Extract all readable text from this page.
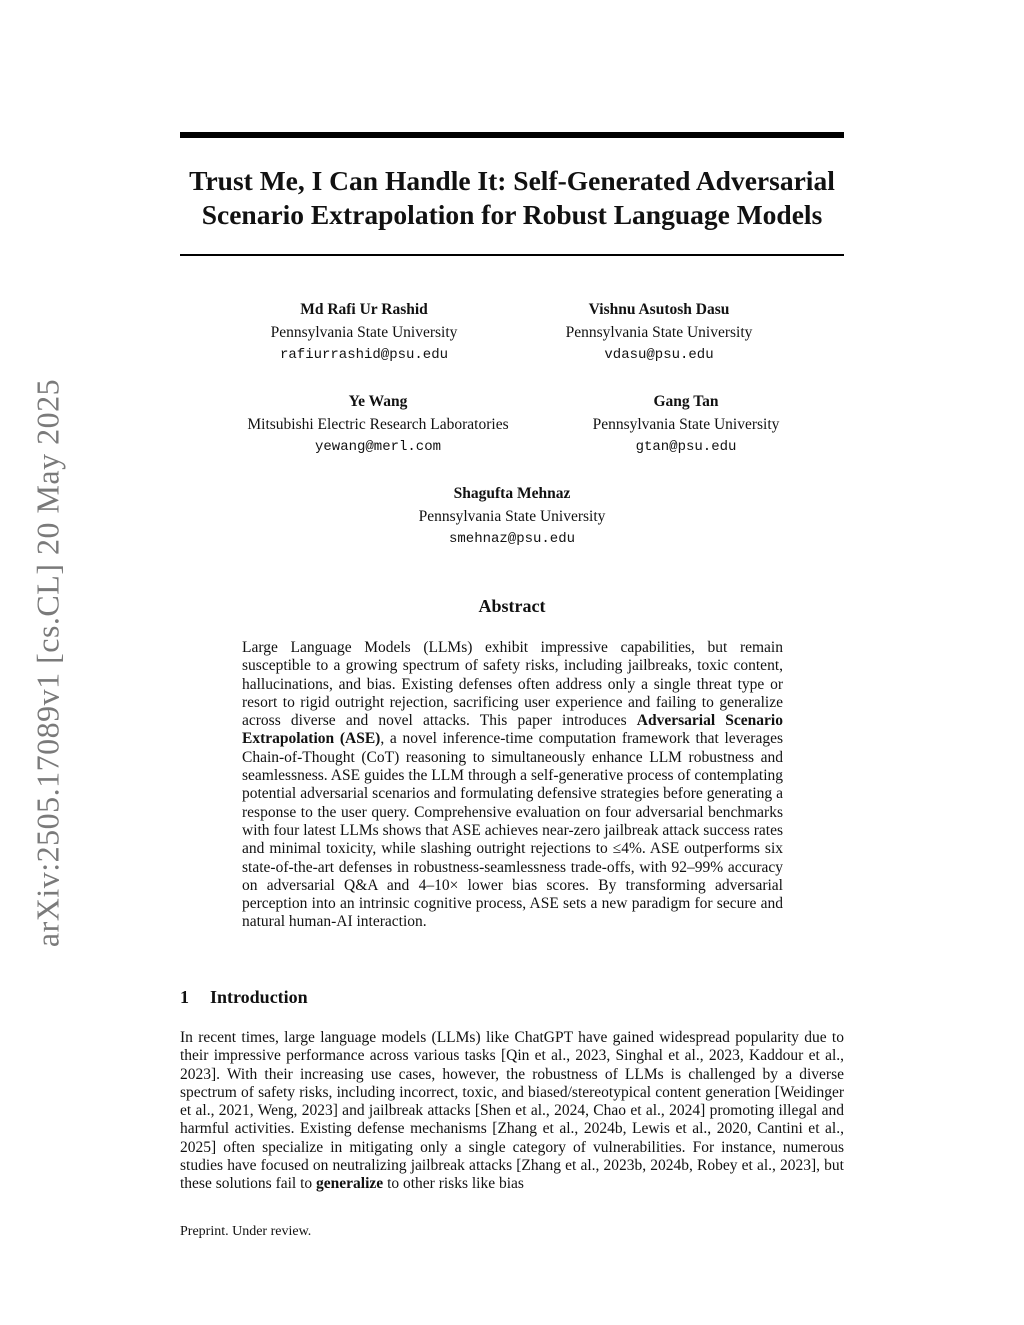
arXiv:2505.17089v1 [cs.CL] 20 May 2025
Trust Me, I Can Handle It: Self-Generated Adversarial Scenario Extrapolation for Robust Language Models
Md Rafi Ur Rashid
Pennsylvania State University
rafiurrashid@psu.edu
Vishnu Asutosh Dasu
Pennsylvania State University
vdasu@psu.edu
Ye Wang
Mitsubishi Electric Research Laboratories
yewang@merl.com
Gang Tan
Pennsylvania State University
gtan@psu.edu
Shagufta Mehnaz
Pennsylvania State University
smehnaz@psu.edu
Abstract

Large Language Models (LLMs) exhibit impressive capabilities, but remain susceptible to a growing spectrum of safety risks, including jailbreaks, toxic content, hallucinations, and bias. Existing defenses often address only a single threat type or resort to rigid outright rejection, sacrificing user experience and failing to generalize across diverse and novel attacks. This paper introduces Adversarial Scenario Extrapolation (ASE), a novel inference-time computation framework that leverages Chain-of-Thought (CoT) reasoning to simultaneously enhance LLM robustness and seamlessness. ASE guides the LLM through a self-generative process of contemplating potential adversarial scenarios and formulating defensive strategies before generating a response to the user query. Comprehensive evaluation on four adversarial benchmarks with four latest LLMs shows that ASE achieves near-zero jailbreak attack success rates and minimal toxicity, while slashing outright rejections to ≤4%. ASE outperforms six state-of-the-art defenses in robustness-seamlessness trade-offs, with 92–99% accuracy on adversarial Q&A and 4–10× lower bias scores. By transforming adversarial perception into an intrinsic cognitive process, ASE sets a new paradigm for secure and natural human-AI interaction.

1 Introduction

In recent times, large language models (LLMs) like ChatGPT have gained widespread popularity due to their impressive performance across various tasks [Qin et al., 2023, Singhal et al., 2023, Kaddour et al., 2023]. With their increasing use cases, however, the robustness of LLMs is challenged by a diverse spectrum of safety risks, including incorrect, toxic, and biased/stereotypical content generation [Weidinger et al., 2021, Weng, 2023] and jailbreak attacks [Shen et al., 2024, Chao et al., 2024] promoting illegal and harmful activities. Existing defense mechanisms [Zhang et al., 2024b, Lewis et al., 2020, Cantini et al., 2025] often specialize in mitigating only a single category of vulnerabilities. For instance, numerous studies have focused on neutralizing jailbreak attacks [Zhang et al., 2023b, 2024b, Robey et al., 2023], but these solutions fail to generalize to other risks like bias

Preprint. Under review.
